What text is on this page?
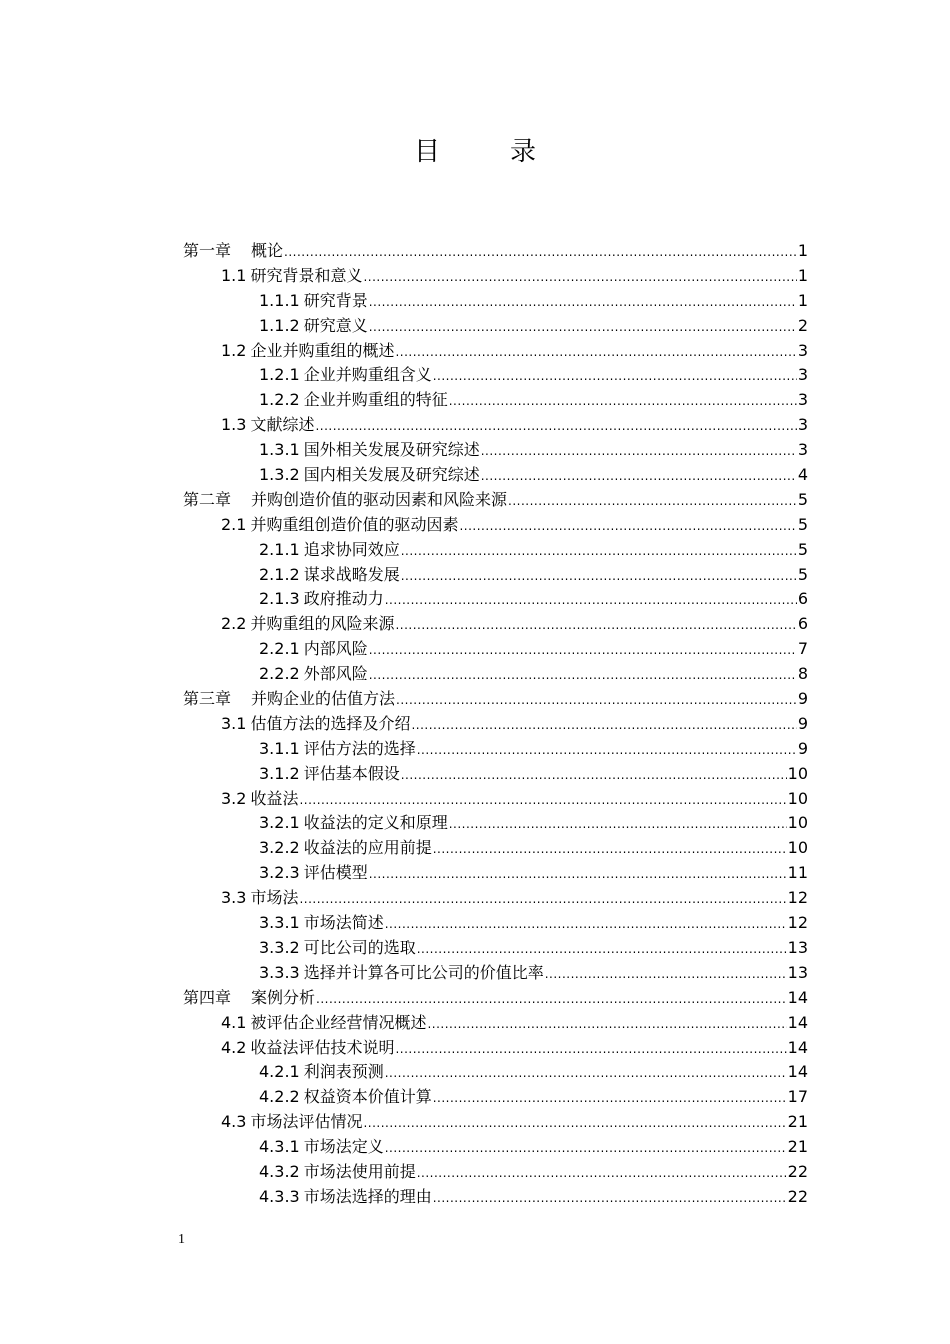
目　录
第一章 概论 .....	1
1.1 研究背景和意义 .....	1
1.1.1 研究背景 .....	1
1.1.2 研究意义 .....	2
1.2 企业并购重组的概述 .....	3
1.2.1 企业并购重组含义 .....	3
1.2.2 企业并购重组的特征 .....	3
1.3 文献综述 .....	3
1.3.1 国外相关发展及研究综述 .....	3
1.3.2 国内相关发展及研究综述 .....	4
第二章 并购创造价值的驱动因素和风险来源 .....	5
2.1 并购重组创造价值的驱动因素 .....	5
2.1.1 追求协同效应 .....	5
2.1.2 谋求战略发展 .....	5
2.1.3 政府推动力 .....	6
2.2 并购重组的风险来源 .....	6
2.2.1 内部风险 .....	7
2.2.2 外部风险 .....	8
第三章 并购企业的估值方法 .....	9
3.1 估值方法的选择及介绍 .....	9
3.1.1 评估方法的选择 .....	9
3.1.2 评估基本假设 .....	10
3.2 收益法 .....	10
3.2.1 收益法的定义和原理 .....	10
3.2.2 收益法的应用前提 .....	10
3.2.3 评估模型 .....	11
3.3 市场法 .....	12
3.3.1 市场法简述 .....	12
3.3.2 可比公司的选取 .....	13
3.3.3 选择并计算各可比公司的价值比率 .....	13
第四章 案例分析 .....	14
4.1 被评估企业经营情况概述 .....	14
4.2 收益法评估技术说明 .....	14
4.2.1 利润表预测 .....	14
4.2.2 权益资本价值计算 .....	17
4.3 市场法评估情况 .....	21
4.3.1 市场法定义 .....	21
4.3.2 市场法使用前提 .....	22
4.3.3 市场法选择的理由 .....	22
1
